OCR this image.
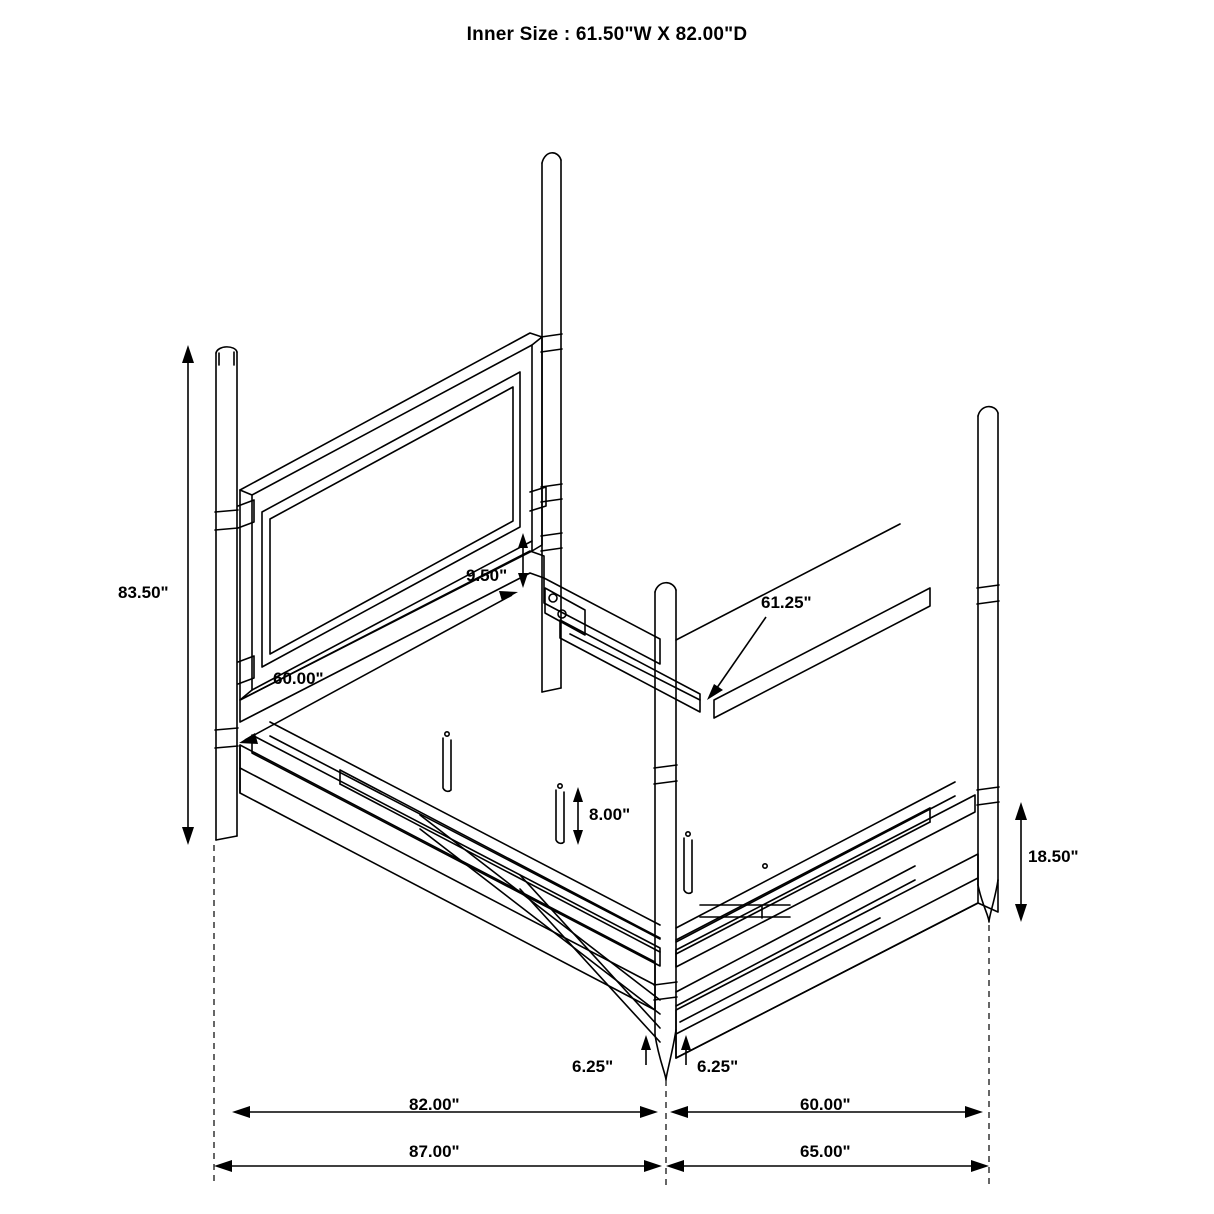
Inner Size : 61.50"W X 82.00"D
83.50"
9.50"
60.00"
61.25"
8.00"
18.50"
6.25"	6.25"
82.00"	60.00"
87.00"	65.00"
